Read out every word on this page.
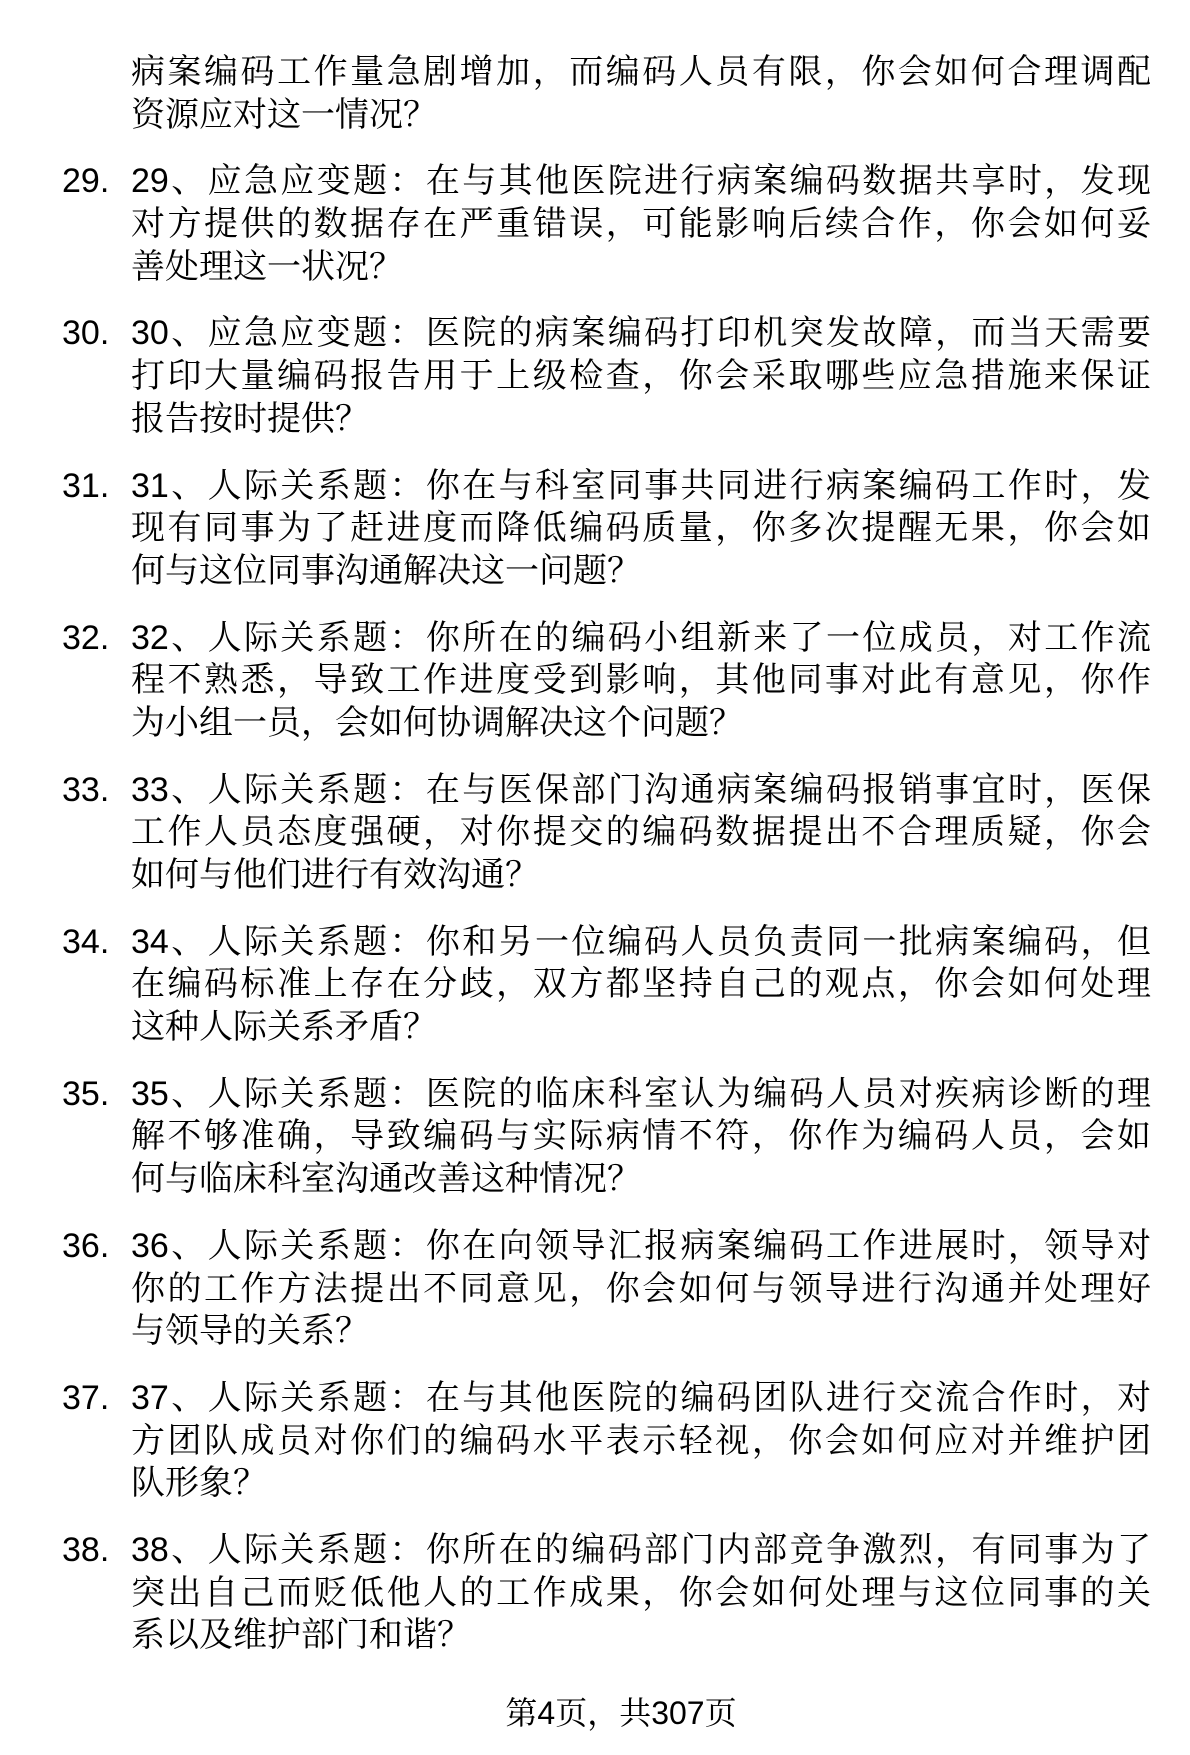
病案编码工作量急剧增加，而编码人员有限，你会如何合理调配
资源应对这一情况？
29. 29、应急应变题：在与其他医院进行病案编码数据共享时，发现
对方提供的数据存在严重错误，可能影响后续合作，你会如何妥
善处理这一状况？
30. 30、应急应变题：医院的病案编码打印机突发故障，而当天需要
打印大量编码报告用于上级检查，你会采取哪些应急措施来保证
报告按时提供？
31. 31、人际关系题：你在与科室同事共同进行病案编码工作时，发
现有同事为了赶进度而降低编码质量，你多次提醒无果，你会如
何与这位同事沟通解决这一问题？
32. 32、人际关系题：你所在的编码小组新来了一位成员，对工作流
程不熟悉，导致工作进度受到影响，其他同事对此有意见，你作
为小组一员，会如何协调解决这个问题？
33. 33、人际关系题：在与医保部门沟通病案编码报销事宜时，医保
工作人员态度强硬，对你提交的编码数据提出不合理质疑，你会
如何与他们进行有效沟通？
34. 34、人际关系题：你和另一位编码人员负责同一批病案编码，但
在编码标准上存在分歧，双方都坚持自己的观点，你会如何处理
这种人际关系矛盾？
35. 35、人际关系题：医院的临床科室认为编码人员对疾病诊断的理
解不够准确，导致编码与实际病情不符，你作为编码人员，会如
何与临床科室沟通改善这种情况？
36. 36、人际关系题：你在向领导汇报病案编码工作进展时，领导对
你的工作方法提出不同意见，你会如何与领导进行沟通并处理好
与领导的关系？
37. 37、人际关系题：在与其他医院的编码团队进行交流合作时，对
方团队成员对你们的编码水平表示轻视，你会如何应对并维护团
队形象？
38. 38、人际关系题：你所在的编码部门内部竞争激烈，有同事为了
突出自己而贬低他人的工作成果，你会如何处理与这位同事的关
系以及维护部门和谐？
第4页，共307页
